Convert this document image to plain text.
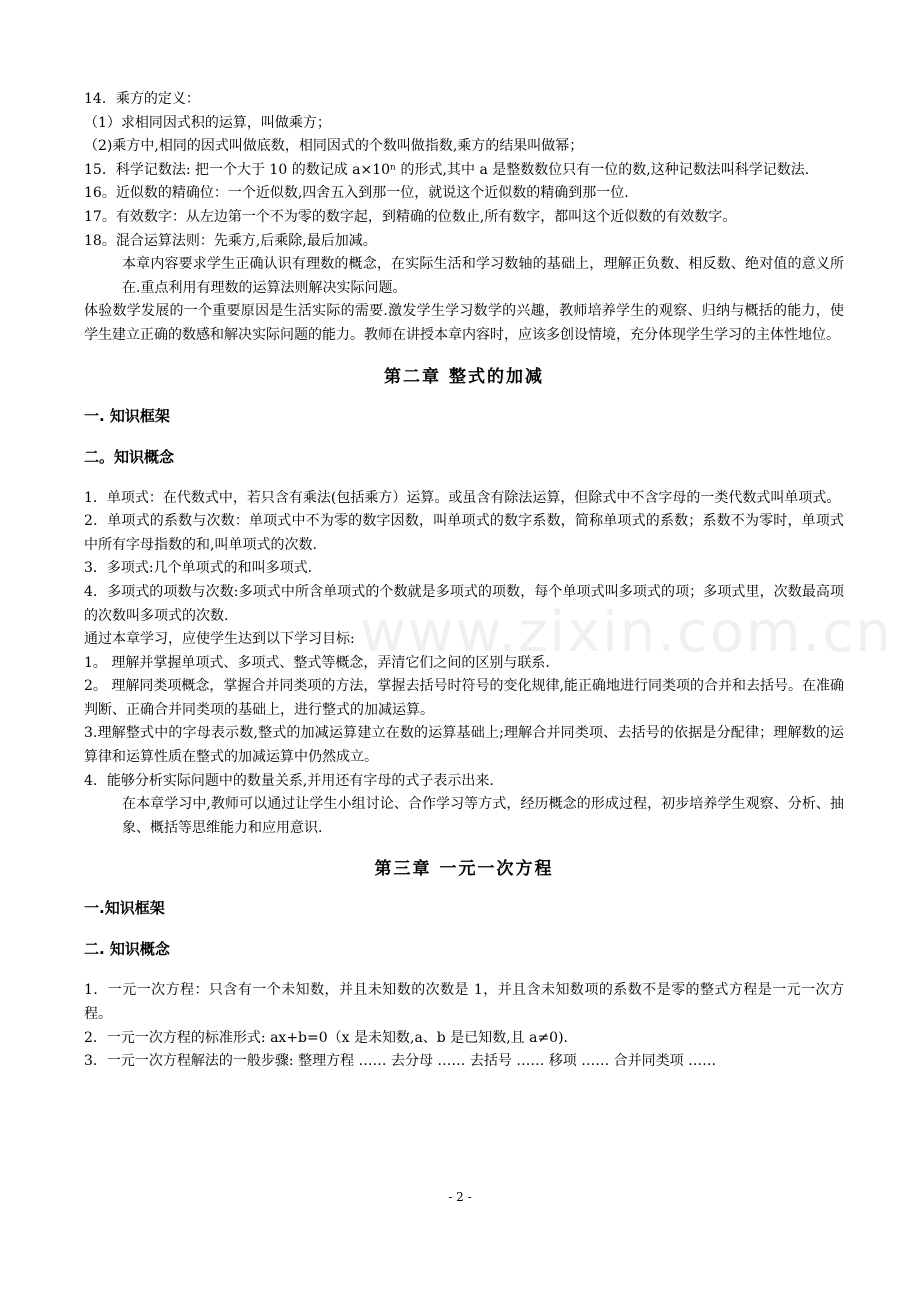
www.zixin.com.cn
14．乘方的定义：
（1）求相同因式积的运算，叫做乘方；
（2)乘方中,相同的因式叫做底数，相同因式的个数叫做指数,乘方的结果叫做幂；
15．科学记数法: 把一个大于 10 的数记成 a×10ⁿ 的形式,其中 a 是整数数位只有一位的数,这种记数法叫科学记数法.
16。近似数的精确位：一个近似数,四舍五入到那一位，就说这个近似数的精确到那一位.
17。有效数字：从左边第一个不为零的数字起，到精确的位数止,所有数字，都叫这个近似数的有效数字。
18。混合运算法则：先乘方,后乘除,最后加减。
本章内容要求学生正确认识有理数的概念，在实际生活和学习数轴的基础上，理解正负数、相反数、绝对值的意义所在.重点利用有理数的运算法则解决实际问题。
体验数学发展的一个重要原因是生活实际的需要.激发学生学习数学的兴趣，教师培养学生的观察、归纳与概括的能力，使学生建立正确的数感和解决实际问题的能力。教师在讲授本章内容时，应该多创设情境，充分体现学生学习的主体性地位。
第二章 整式的加减
一. 知识框架
二。知识概念
1．单项式：在代数式中，若只含有乘法(包括乘方）运算。或虽含有除法运算，但除式中不含字母的一类代数式叫单项式。
2．单项式的系数与次数：单项式中不为零的数字因数，叫单项式的数字系数，简称单项式的系数；系数不为零时，单项式中所有字母指数的和,叫单项式的次数.
3．多项式:几个单项式的和叫多项式.
4．多项式的项数与次数:多项式中所含单项式的个数就是多项式的项数，每个单项式叫多项式的项；多项式里，次数最高项的次数叫多项式的次数.
通过本章学习，应使学生达到以下学习目标:
1。 理解并掌握单项式、多项式、整式等概念，弄清它们之间的区别与联系.
2。 理解同类项概念，掌握合并同类项的方法，掌握去括号时符号的变化规律,能正确地进行同类项的合并和去括号。在准确判断、正确合并同类项的基础上，进行整式的加减运算。
3.理解整式中的字母表示数,整式的加减运算建立在数的运算基础上;理解合并同类项、去括号的依据是分配律；理解数的运算律和运算性质在整式的加减运算中仍然成立。
4．能够分析实际问题中的数量关系,并用还有字母的式子表示出来.
在本章学习中,教师可以通过让学生小组讨论、合作学习等方式，经历概念的形成过程，初步培养学生观察、分析、抽象、概括等思维能力和应用意识.
第三章 一元一次方程
一.知识框架
二. 知识概念
1．一元一次方程：只含有一个未知数，并且未知数的次数是 1，并且含未知数项的系数不是零的整式方程是一元一次方程。
2．一元一次方程的标准形式: ax+b=0（x 是未知数,a、b 是已知数,且 a≠0).
3．一元一次方程解法的一般步骤: 整理方程 …… 去分母 …… 去括号 …… 移项 …… 合并同类项 ……
- 2 -
